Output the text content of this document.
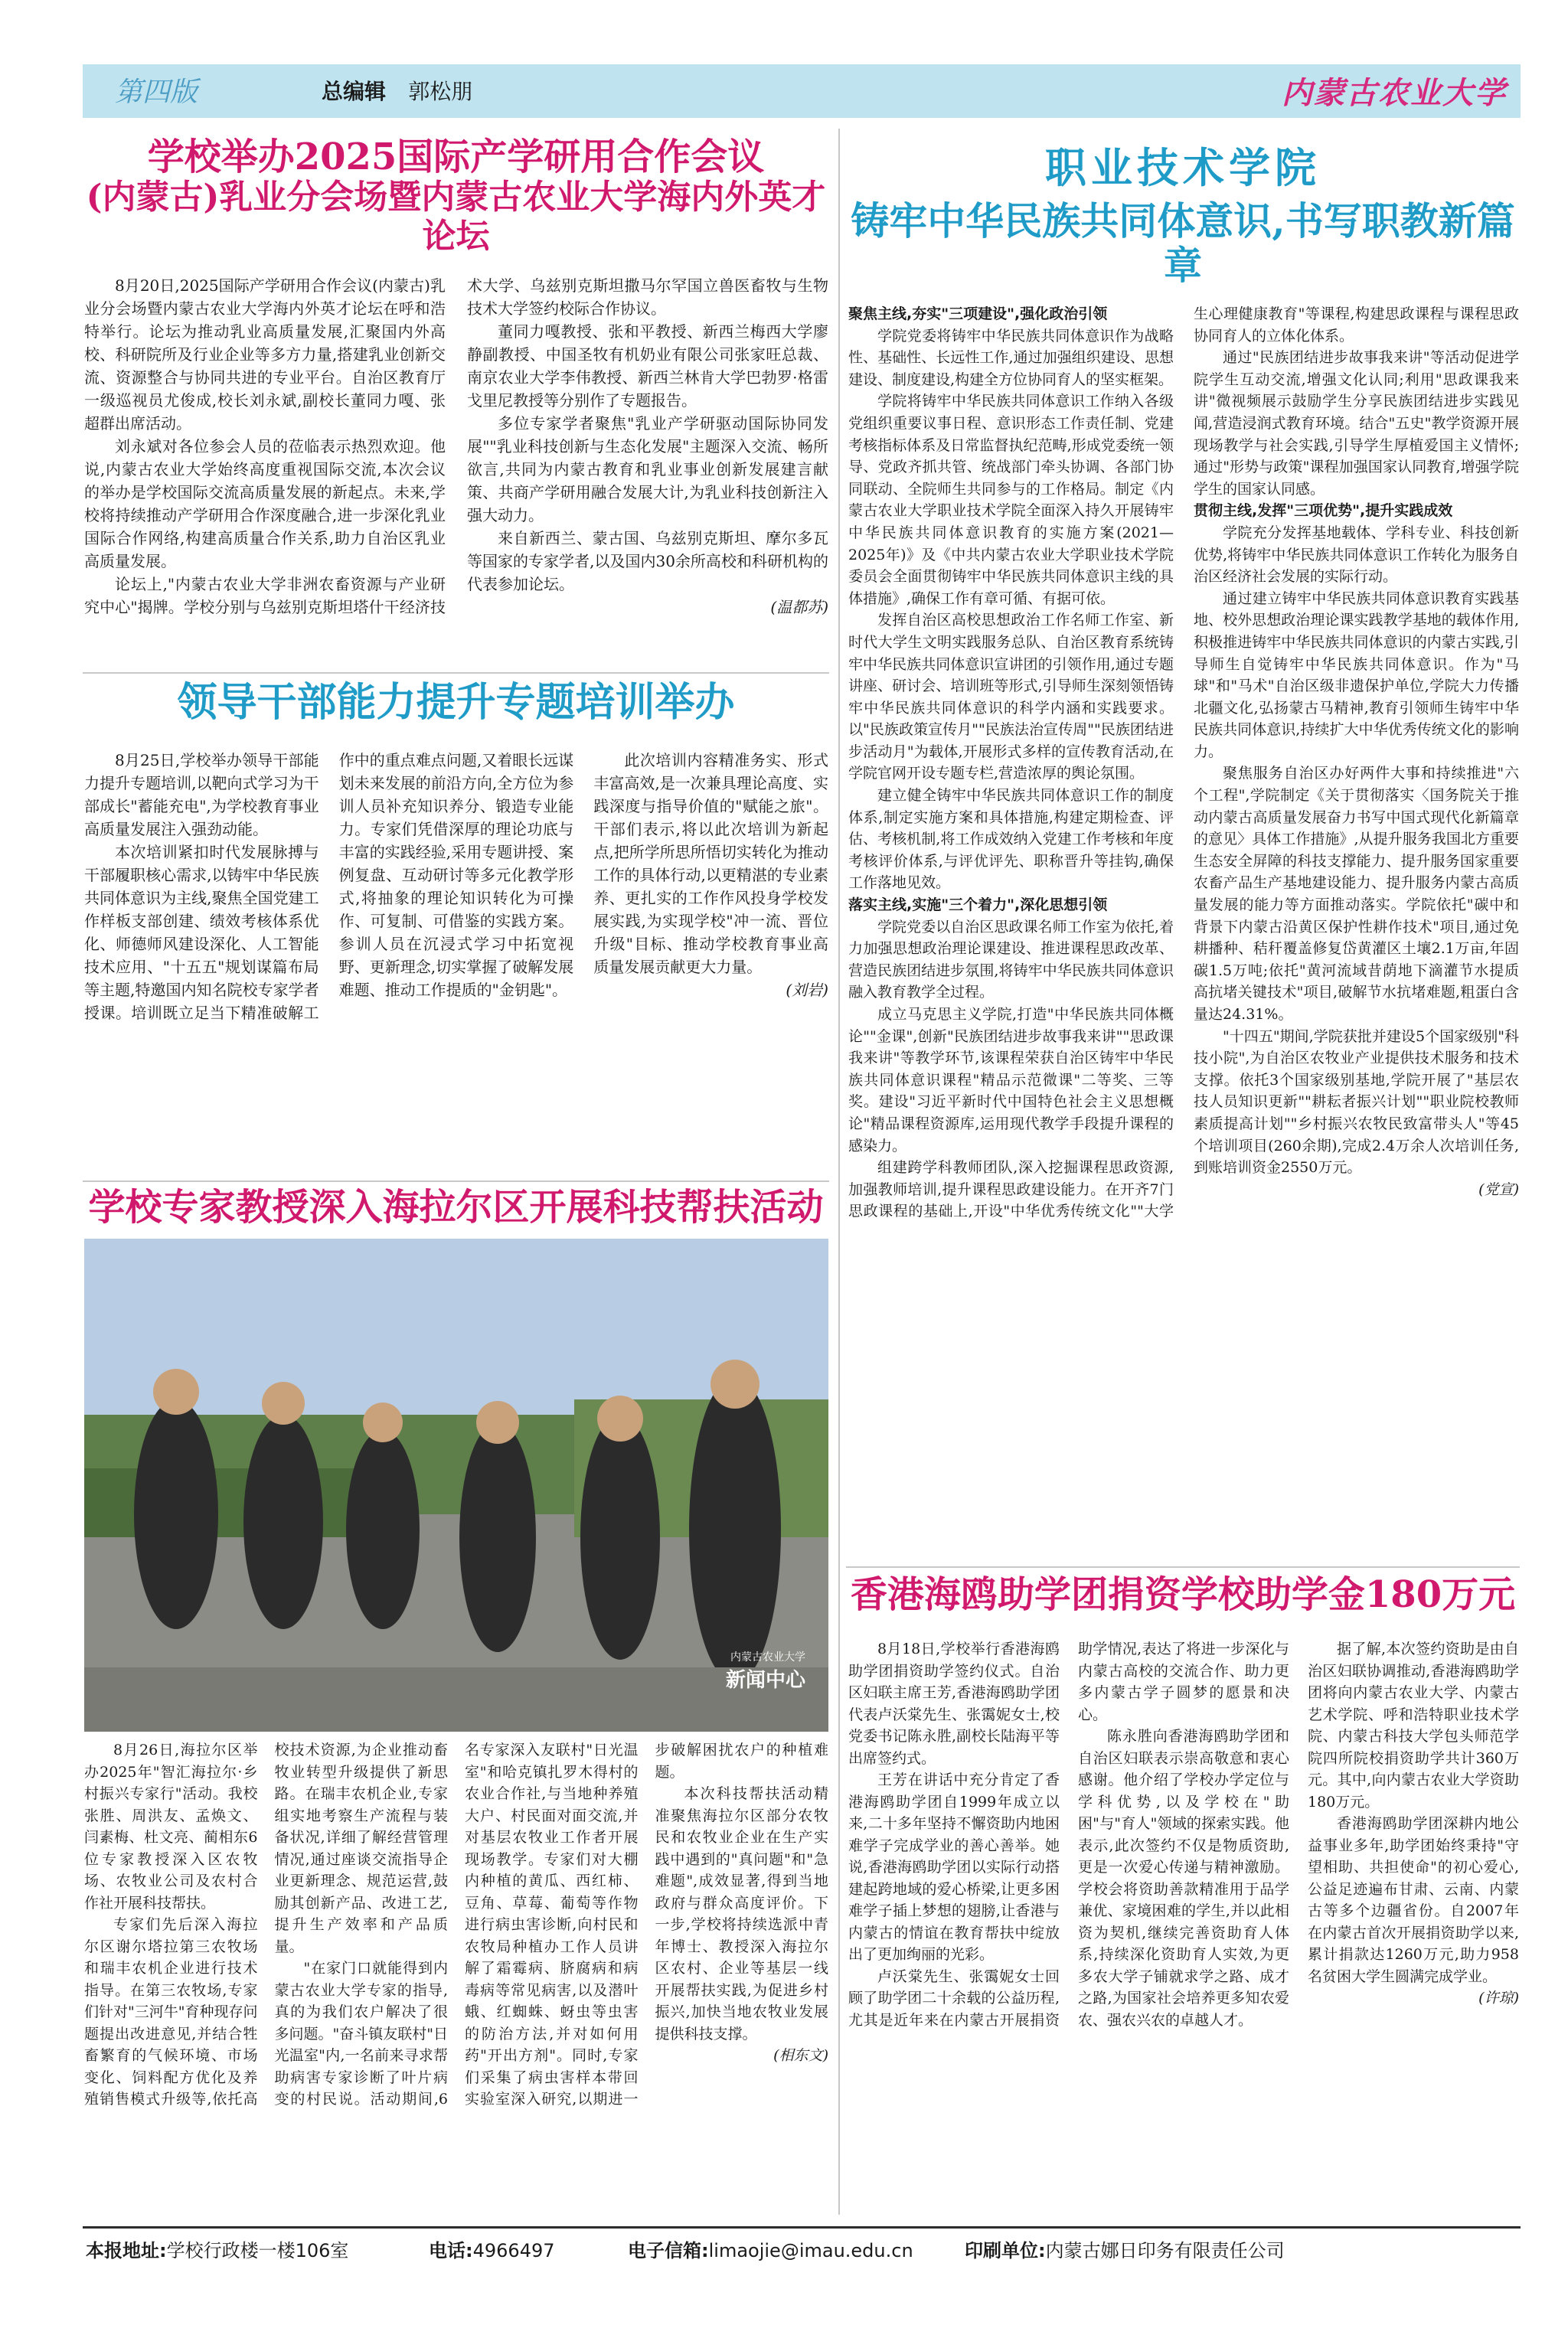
第四版	总编辑 郭松朋	内蒙古农业大学
学校举办2025国际产学研用合作会议
(内蒙古)乳业分会场暨内蒙古农业大学海内外英才论坛

8月20日,2025国际产学研用合作会议(内蒙古)乳业分会场暨内蒙古农业大学海内外英才论坛在呼和浩特举行。论坛为推动乳业高质量发展,汇聚国内外高校、科研院所及行业企业等多方力量,搭建乳业创新交流、资源整合与协同共进的专业平台。自治区教育厅一级巡视员尤俊成,校长刘永斌,副校长董同力嘎、张超群出席活动。

刘永斌对各位参会人员的莅临表示热烈欢迎。他说,内蒙古农业大学始终高度重视国际交流,本次会议的举办是学校国际交流高质量发展的新起点。未来,学校将持续推动产学研用合作深度融合,进一步深化乳业国际合作网络,构建高质量合作关系,助力自治区乳业高质量发展。

论坛上,"内蒙古农业大学非洲农畜资源与产业研究中心"揭牌。学校分别与乌兹别克斯坦塔什干经济技术大学、乌兹别克斯坦撒马尔罕国立兽医畜牧与生物技术大学签约校际合作协议。

董同力嘎教授、张和平教授、新西兰梅西大学廖静副教授、中国圣牧有机奶业有限公司张家旺总裁、南京农业大学李伟教授、新西兰林肯大学巴勃罗·格雷戈里尼教授等分别作了专题报告。

多位专家学者聚焦"乳业产学研驱动国际协同发展""乳业科技创新与生态化发展"主题深入交流、畅所欲言,共同为内蒙古教育和乳业事业创新发展建言献策、共商产学研用融合发展大计,为乳业科技创新注入强大动力。

来自新西兰、蒙古国、乌兹别克斯坦、摩尔多瓦等国家的专家学者,以及国内30余所高校和科研机构的代表参加论坛。

(温都苏)
领导干部能力提升专题培训举办

8月25日,学校举办领导干部能力提升专题培训,以靶向式学习为干部成长"蓄能充电",为学校教育事业高质量发展注入强劲动能。

本次培训紧扣时代发展脉搏与干部履职核心需求,以铸牢中华民族共同体意识为主线,聚焦全国党建工作样板支部创建、绩效考核体系优化、师德师风建设深化、人工智能技术应用、"十五五"规划谋篇布局等主题,特邀国内知名院校专家学者授课。培训既立足当下精准破解工作中的重点难点问题,又着眼长远谋划未来发展的前沿方向,全方位为参训人员补充知识养分、锻造专业能力。专家们凭借深厚的理论功底与丰富的实践经验,采用专题讲授、案例复盘、互动研讨等多元化教学形式,将抽象的理论知识转化为可操作、可复制、可借鉴的实践方案。参训人员在沉浸式学习中拓宽视野、更新理念,切实掌握了破解发展难题、推动工作提质的"金钥匙"。

此次培训内容精准务实、形式丰富高效,是一次兼具理论高度、实践深度与指导价值的"赋能之旅"。干部们表示,将以此次培训为新起点,把所学所思所悟切实转化为推动工作的具体行动,以更精湛的专业素养、更扎实的工作作风投身学校发展实践,为实现学校"冲一流、晋位升级"目标、推动学校教育事业高质量发展贡献更大力量。

(刘岩)
学校专家教授深入海拉尔区开展科技帮扶活动
内蒙古农业大学
新闻中心

8月26日,海拉尔区举办2025年"智汇海拉尔·乡村振兴专家行"活动。我校张胜、周洪友、孟焕文、闫素梅、杜文亮、蔺相东6位专家教授深入区农牧场、农牧业公司及农村合作社开展科技帮扶。

专家们先后深入海拉尔区谢尔塔拉第三农牧场和瑞丰农机企业进行技术指导。在第三农牧场,专家们针对"三河牛"育种现存问题提出改进意见,并结合牲畜繁育的气候环境、市场变化、饲料配方优化及养殖销售模式升级等,依托高校技术资源,为企业推动畜牧业转型升级提供了新思路。在瑞丰农机企业,专家组实地考察生产流程与装备状况,详细了解经营管理情况,通过座谈交流指导企业更新理念、规范运营,鼓励其创新产品、改进工艺,提升生产效率和产品质量。

"在家门口就能得到内蒙古农业大学专家的指导,真的为我们农户解决了很多问题。"奋斗镇友联村"日光温室"内,一名前来寻求帮助病害专家诊断了叶片病变的村民说。活动期间,6名专家深入友联村"日光温室"和哈克镇扎罗木得村的农业合作社,与当地种养殖大户、村民面对面交流,并对基层农牧业工作者开展现场教学。专家们对大棚内种植的黄瓜、西红柿、豆角、草莓、葡萄等作物进行病虫害诊断,向村民和农牧局种植办工作人员讲解了霜霉病、脐腐病和病毒病等常见病害,以及潜叶蛾、红蜘蛛、蚜虫等虫害的防治方法,并对如何用药"开出方剂"。同时,专家们采集了病虫害样本带回实验室深入研究,以期进一步破解困扰农户的种植难题。

本次科技帮扶活动精准聚焦海拉尔区部分农牧民和农牧业企业在生产实践中遇到的"真问题"和"急难题",成效显著,得到当地政府与群众高度评价。下一步,学校将持续选派中青年博士、教授深入海拉尔区农村、企业等基层一线开展帮扶实践,为促进乡村振兴,加快当地农牧业发展提供科技支撑。

(相东文)
职业技术学院
铸牢中华民族共同体意识,书写职教新篇章

聚焦主线,夯实"三项建设",强化政治引领

学院党委将铸牢中华民族共同体意识作为战略性、基础性、长远性工作,通过加强组织建设、思想建设、制度建设,构建全方位协同育人的坚实框架。

学院将铸牢中华民族共同体意识工作纳入各级党组织重要议事日程、意识形态工作责任制、党建考核指标体系及日常监督执纪范畴,形成党委统一领导、党政齐抓共管、统战部门牵头协调、各部门协同联动、全院师生共同参与的工作格局。制定《内蒙古农业大学职业技术学院全面深入持久开展铸牢中华民族共同体意识教育的实施方案(2021—2025年)》及《中共内蒙古农业大学职业技术学院委员会全面贯彻铸牢中华民族共同体意识主线的具体措施》,确保工作有章可循、有据可依。

发挥自治区高校思想政治工作名师工作室、新时代大学生文明实践服务总队、自治区教育系统铸牢中华民族共同体意识宣讲团的引领作用,通过专题讲座、研讨会、培训班等形式,引导师生深刻领悟铸牢中华民族共同体意识的科学内涵和实践要求。以"民族政策宣传月""民族法治宣传周""民族团结进步活动月"为载体,开展形式多样的宣传教育活动,在学院官网开设专题专栏,营造浓厚的舆论氛围。

建立健全铸牢中华民族共同体意识工作的制度体系,制定实施方案和具体措施,构建定期检查、评估、考核机制,将工作成效纳入党建工作考核和年度考核评价体系,与评优评先、职称晋升等挂钩,确保工作落地见效。

落实主线,实施"三个着力",深化思想引领

学院党委以自治区思政课名师工作室为依托,着力加强思想政治理论课建设、推进课程思政改革、营造民族团结进步氛围,将铸牢中华民族共同体意识融入教育教学全过程。

成立马克思主义学院,打造"中华民族共同体概论""金课",创新"民族团结进步故事我来讲""思政课我来讲"等教学环节,该课程荣获自治区铸牢中华民族共同体意识课程"精品示范微课"二等奖、三等奖。建设"习近平新时代中国特色社会主义思想概论"精品课程资源库,运用现代教学手段提升课程的感染力。

组建跨学科教师团队,深入挖掘课程思政资源,加强教师培训,提升课程思政建设能力。在开齐7门思政课程的基础上,开设"中华优秀传统文化""大学生心理健康教育"等课程,构建思政课程与课程思政协同育人的立体化体系。

通过"民族团结进步故事我来讲"等活动促进学院学生互动交流,增强文化认同;利用"思政课我来讲"微视频展示鼓励学生分享民族团结进步实践见闻,营造浸润式教育环境。结合"五史"教学资源开展现场教学与社会实践,引导学生厚植爱国主义情怀;通过"形势与政策"课程加强国家认同教育,增强学院学生的国家认同感。

贯彻主线,发挥"三项优势",提升实践成效

学院充分发挥基地载体、学科专业、科技创新优势,将铸牢中华民族共同体意识工作转化为服务自治区经济社会发展的实际行动。

通过建立铸牢中华民族共同体意识教育实践基地、校外思想政治理论课实践教学基地的载体作用,积极推进铸牢中华民族共同体意识的内蒙古实践,引导师生自觉铸牢中华民族共同体意识。作为"马球"和"马术"自治区级非遗保护单位,学院大力传播北疆文化,弘扬蒙古马精神,教育引领师生铸牢中华民族共同体意识,持续扩大中华优秀传统文化的影响力。

聚焦服务自治区办好两件大事和持续推进"六个工程",学院制定《关于贯彻落实〈国务院关于推动内蒙古高质量发展奋力书写中国式现代化新篇章的意见〉具体工作措施》,从提升服务我国北方重要生态安全屏障的科技支撑能力、提升服务国家重要农畜产品生产基地建设能力、提升服务内蒙古高质量发展的能力等方面推动落实。学院依托"碳中和背景下内蒙古沿黄区保护性耕作技术"项目,通过免耕播种、秸秆覆盖修复岱黄灌区土壤2.1万亩,年固碳1.5万吨;依托"黄河流域昔荫地下滴灌节水提质高抗堵关键技术"项目,破解节水抗堵难题,粗蛋白含量达24.31%。

"十四五"期间,学院获批并建设5个国家级别"科技小院",为自治区农牧业产业提供技术服务和技术支撑。依托3个国家级别基地,学院开展了"基层农技人员知识更新""耕耘者振兴计划""职业院校教师素质提高计划""乡村振兴农牧民致富带头人"等45个培训项目(260余期),完成2.4万余人次培训任务,到账培训资金2550万元。

(党宣)
香港海鸥助学团捐资学校助学金180万元

8月18日,学校举行香港海鸥助学团捐资助学签约仪式。自治区妇联主席王芳,香港海鸥助学团代表卢沃棠先生、张霭妮女士,校党委书记陈永胜,副校长陆海平等出席签约式。

王芳在讲话中充分肯定了香港海鸥助学团自1999年成立以来,二十多年坚持不懈资助内地困难学子完成学业的善心善举。她说,香港海鸥助学团以实际行动搭建起跨地域的爱心桥梁,让更多困难学子插上梦想的翅膀,让香港与内蒙古的情谊在教育帮扶中绽放出了更加绚丽的光彩。

卢沃棠先生、张霭妮女士回顾了助学团二十余载的公益历程,尤其是近年来在内蒙古开展捐资助学情况,表达了将进一步深化与内蒙古高校的交流合作、助力更多内蒙古学子圆梦的愿景和决心。

陈永胜向香港海鸥助学团和自治区妇联表示崇高敬意和衷心感谢。他介绍了学校办学定位与学科优势,以及学校在"助困"与"育人"领域的探索实践。他表示,此次签约不仅是物质资助,更是一次爱心传递与精神激励。学校会将资助善款精准用于品学兼优、家境困难的学生,并以此相资为契机,继续完善资助育人体系,持续深化资助育人实效,为更多农大学子铺就求学之路、成才之路,为国家社会培养更多知农爱农、强农兴农的卓越人才。

据了解,本次签约资助是由自治区妇联协调推动,香港海鸥助学团将向内蒙古农业大学、内蒙古艺术学院、呼和浩特职业技术学院、内蒙古科技大学包头师范学院四所院校捐资助学共计360万元。其中,向内蒙古农业大学资助180万元。

香港海鸥助学团深耕内地公益事业多年,助学团始终秉持"守望相助、共担使命"的初心爱心,公益足迹遍布甘肃、云南、内蒙古等多个边疆省份。自2007年在内蒙古首次开展捐资助学以来,累计捐款达1260万元,助力958名贫困大学生圆满完成学业。

(许琼)
本报地址:学校行政楼一楼106室	电话:4966497	电子信箱:limaojie@imau.edu.cn	印刷单位:内蒙古娜日印务有限责任公司
